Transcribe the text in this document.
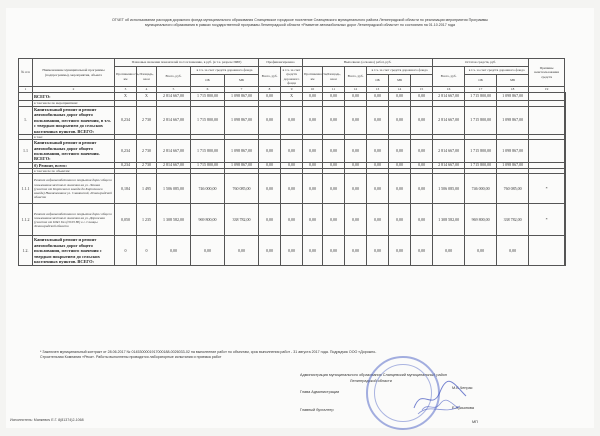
ОТЧЕТ об использовании расходов дорожного фонда муниципального образования Сланцевское городское поселение Сланцевского муниципального района Ленинградской области по реализации мероприятия Программы
муниципального образования в рамках государственной программы Ленинградской области «Развитие автомобильных дорог Ленинградской области» по состоянию на 01.10.2017 года
№ п/п	Наименование муниципальной программы (подпрограммы), мероприятия, объекта	Плановые значения показателей по Соглашению, в руб. (в т.ч. разрезе ПИР)					Профинансировано		Выполнено (освоено) работ, руб.						Остаток средств, руб.			Причины неиспользования средств	
		Протяженность, км	Площадь, кв.м	Всего, руб.	в т.ч. за счет средств дорожного фонда		Всего, руб.	в т.ч. за счет средств дорожного фонда	Протяженность, км	Площадь, кв.м	Всего, руб.	в т.ч. за счет средств дорожного фонда			Всего, руб.	в т.ч. за счет средств дорожного фонда			
					ОБ	МБ						ОБ	МБ			ОБ	МБ		

1	2	3	4	5	6	7	8	9	10	11	12	13	14	15	16	17	18	19	
	ВСЕГО:	X	X	2 814 667,00	1 715 800,00	1 098 867,00	0,00	X	0,00	0,00	0,00	0,00	0,00	0,00	2 814 667,00	1 715 800,00	1 098 867,00		
	в том числе по мероприятиям:																		
1.	Капитальный ремонт и ремонт автомобильных дорог общего пользования, местного значения, в т.ч. с твердым покрытием до сельских населенных пунктов. ВСЕГО:	0,234	2 730	2 814 667,00	1 715 800,00	1 098 867,00	0,00	0,00	0,00	0,00	0,00	0,00	0,00	0,00	2 814 667,00	1 715 800,00	1 098 867,00		
	в том:																		
1.1	Капитальный ремонт и ремонт автомобильных дорог общего пользования, местного значения. ВСЕГО:	0,234	2 730	2 814 667,00	1 715 800,00	1 098 867,00	0,00	0,00	0,00	0,00	0,00	0,00	0,00	0,00	2 814 667,00	1 715 800,00	1 098 867,00		
	б) Ремонт, всего:	0,234	2 730	2 814 667,00	1 715 800,00	1 098 867,00	0,00	0,00	0,00	0,00	0,00	0,00	0,00	0,00	2 814 667,00	1 715 800,00	1 098 867,00		
	в том числе по объектам:																		
1.1.1	Ремонт асфальтобетонного покрытия дорог общего пользования местного значения на ул. Ленина (участок от Кирпичного завода до Кирпичного завода) Наименование ул. Славянский, Ленинградской области	0,184	1 495	1 506 085,00	746 000,00	760 085,00	0,00	0,00	0,00	0,00	0,00	0,00	0,00	0,00	1 506 085,00	746 000,00	760 085,00	*	
1.1.2	Ремонт асфальтобетонного покрытия дорог общего пользования местного значения на ул. Дорожная (участок от ПАО Газ (ООО 80) в г. Сланцы Ленинградской области	0,050	1 235	1 308 582,00	969 800,00	338 782,00	0,00	0,00	0,00	0,00	0,00	0,00	0,00	0,00	1 308 582,00	969 800,00	338 782,00	*	
1.2.	Капитальный ремонт и ремонт автомобильных дорог общего пользования, местного значения с твердым покрытием до сельских населенных пунктов. ВСЕГО:	0	0	0,00	0,00	0,00	0,00	0,00	0,00	0,00	0,00	0,00	0,00	0,00	0,00	0,00	0,00		
* Заключен муниципальный контракт от 28.06.2017 № 0145300001917000188-0026033-02 на выполнение работ по объектам, срок выполнения работ - 31 августа 2017 года. Подрядчик ООО «Дорожно-
Строительная Компания «Река». Работы выполнены проводятся лабораторные испытания и приемка работ
Администрация муниципального образования Сланцевский муниципальный район
Ленинградской области
Глава Администрации
М.Б.Чепрас
Главный бухгалтер	Е.Лукьянова
МП
Исполнитель: Манкевич Е.Г. 8(81374)2-1068
